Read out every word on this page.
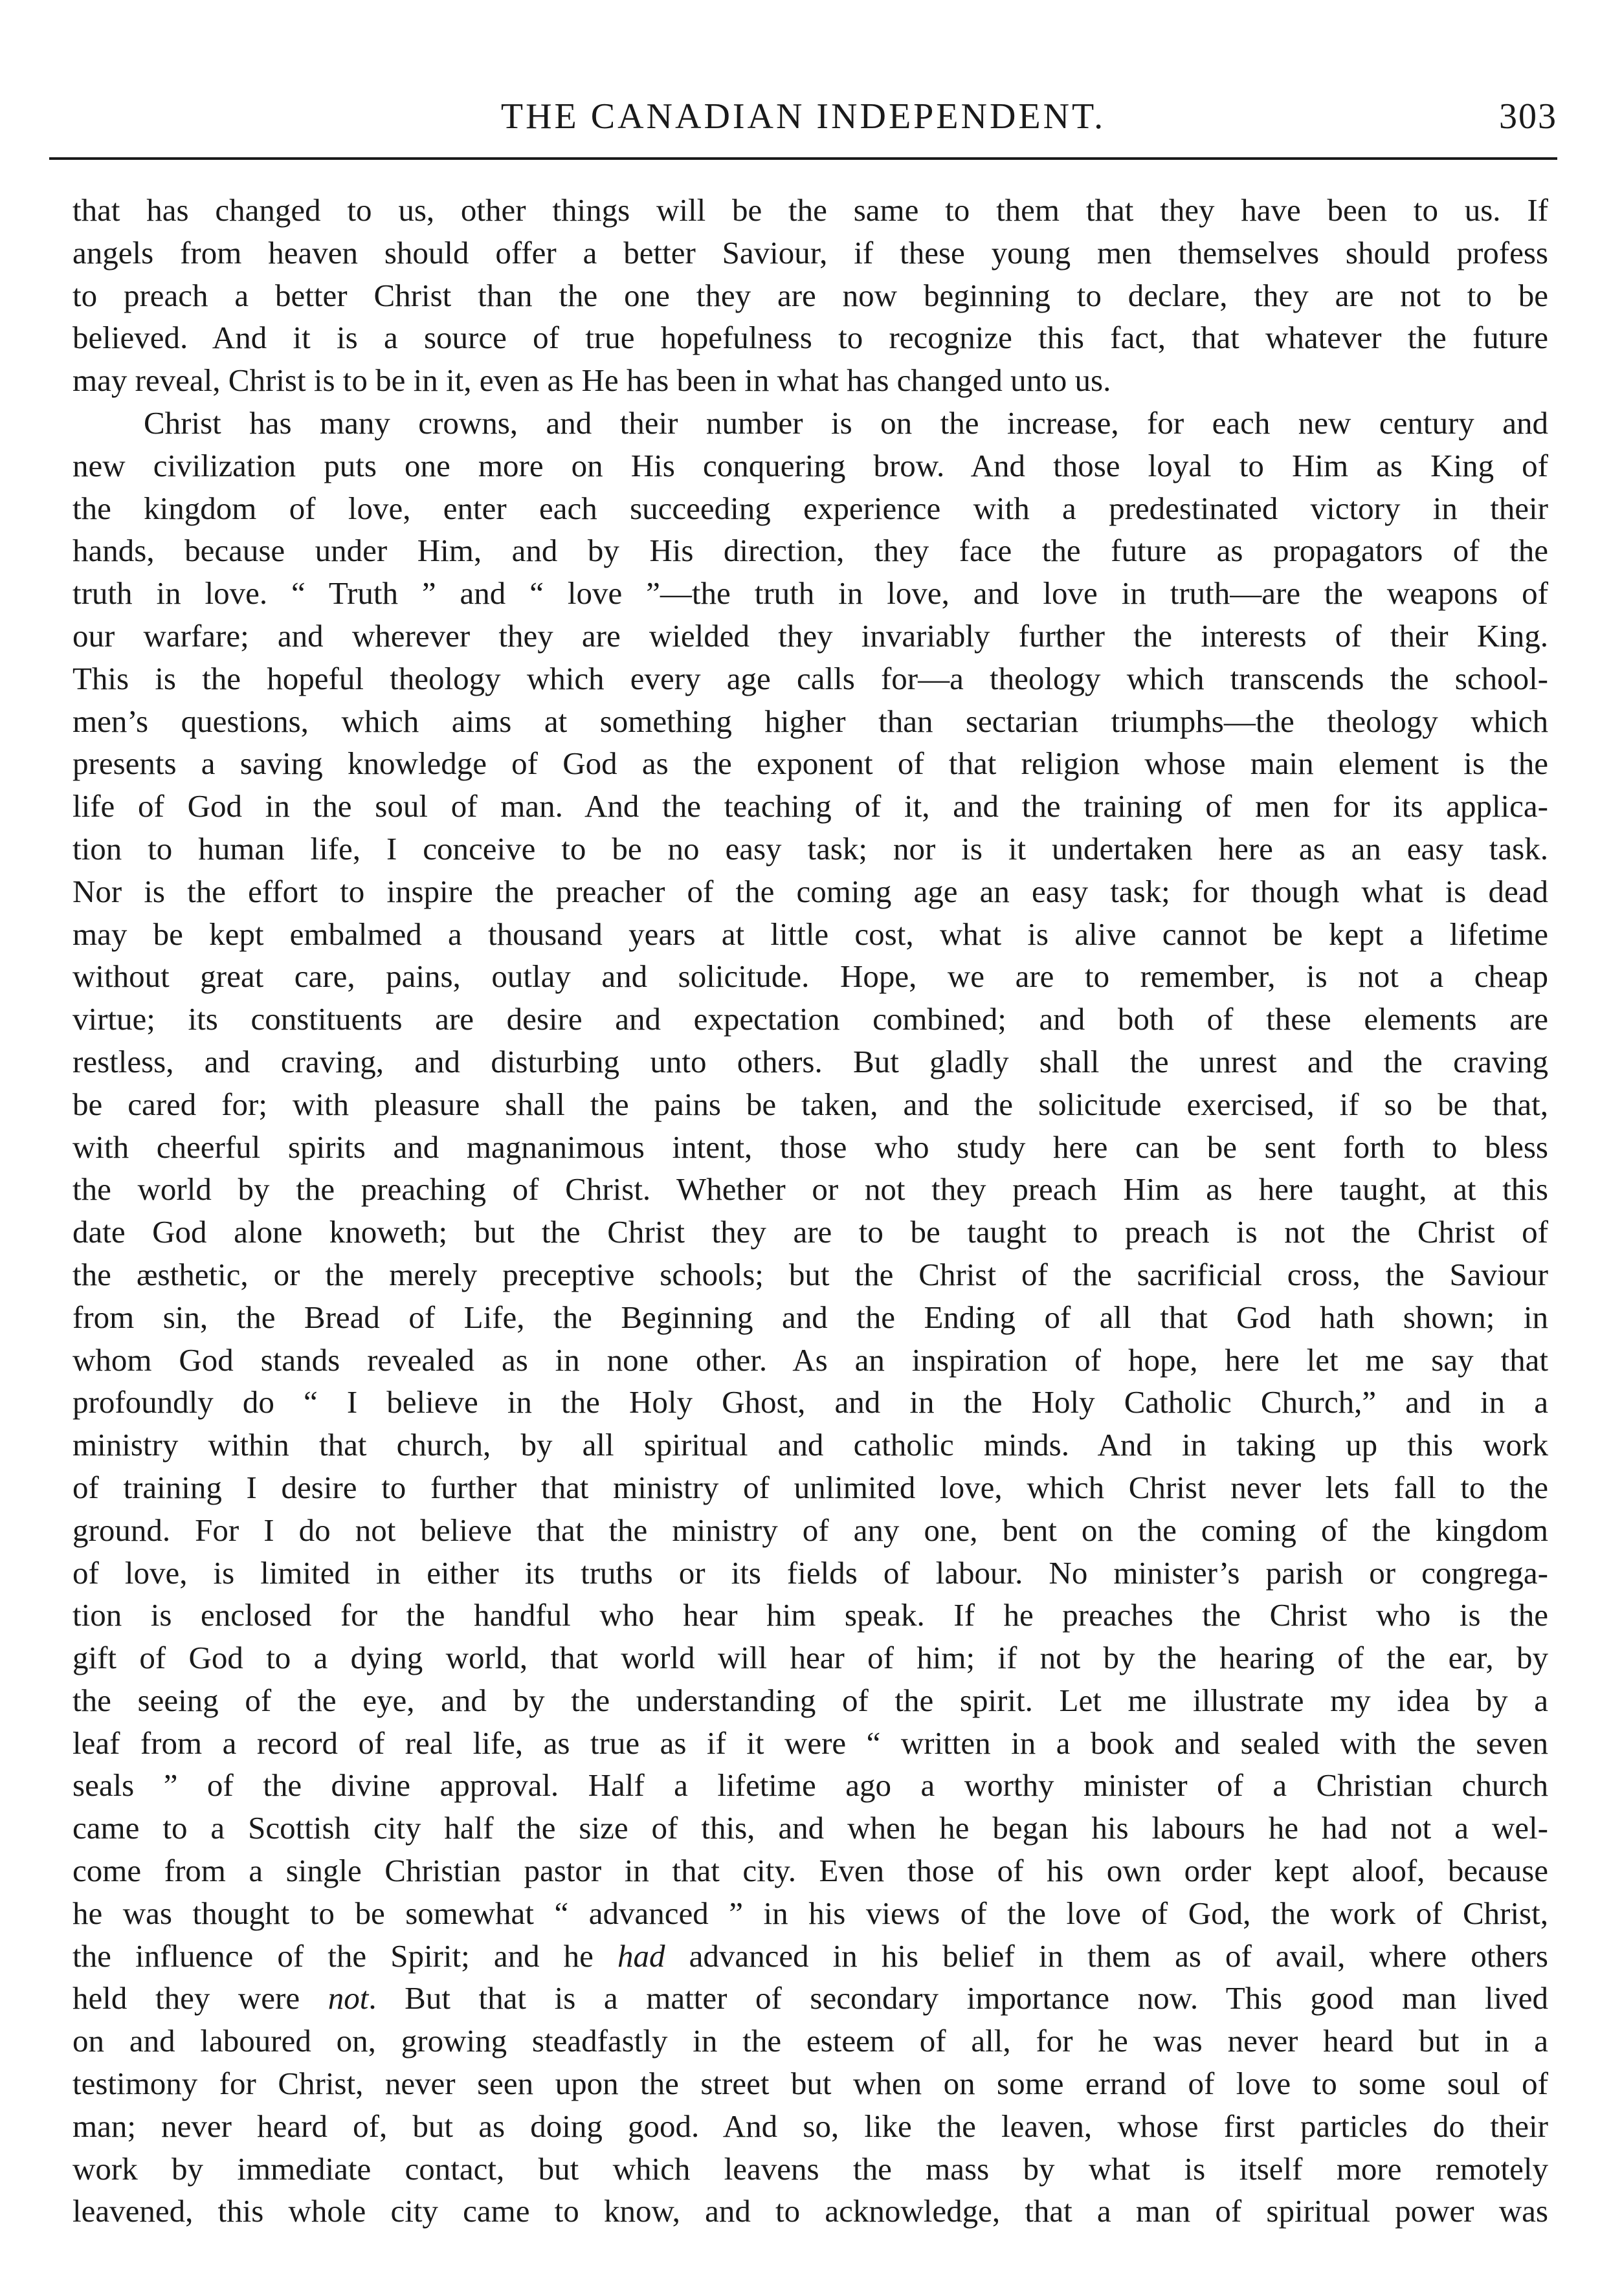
THE CANADIAN INDEPENDENT.	303
that has changed to us, other things will be the same to them that they have been to us. If
angels from heaven should offer a better Saviour, if these young men themselves should profess
to preach a better Christ than the one they are now beginning to declare, they are not to be
believed. And it is a source of true hopefulness to recognize this fact, that whatever the future
may reveal, Christ is to be in it, even as He has been in what has changed unto us.
Christ has many crowns, and their number is on the increase, for each new century and
new civilization puts one more on His conquering brow. And those loyal to Him as King of
the kingdom of love, enter each succeeding experience with a predestinated victory in their
hands, because under Him, and by His direction, they face the future as propagators of the
truth in love. “ Truth ” and “ love ”—the truth in love, and love in truth—are the weapons of
our warfare; and wherever they are wielded they invariably further the interests of their King.
This is the hopeful theology which every age calls for—a theology which transcends the school-
men’s questions, which aims at something higher than sectarian triumphs—the theology which
presents a saving knowledge of God as the exponent of that religion whose main element is the
life of God in the soul of man. And the teaching of it, and the training of men for its applica-
tion to human life, I conceive to be no easy task; nor is it undertaken here as an easy task.
Nor is the effort to inspire the preacher of the coming age an easy task; for though what is dead
may be kept embalmed a thousand years at little cost, what is alive cannot be kept a lifetime
without great care, pains, outlay and solicitude. Hope, we are to remember, is not a cheap
virtue; its constituents are desire and expectation combined; and both of these elements are
restless, and craving, and disturbing unto others. But gladly shall the unrest and the craving
be cared for; with pleasure shall the pains be taken, and the solicitude exercised, if so be that,
with cheerful spirits and magnanimous intent, those who study here can be sent forth to bless
the world by the preaching of Christ. Whether or not they preach Him as here taught, at this
date God alone knoweth; but the Christ they are to be taught to preach is not the Christ of
the æsthetic, or the merely preceptive schools; but the Christ of the sacrificial cross, the Saviour
from sin, the Bread of Life, the Beginning and the Ending of all that God hath shown; in
whom God stands revealed as in none other. As an inspiration of hope, here let me say that
profoundly do “ I believe in the Holy Ghost, and in the Holy Catholic Church,” and in a
ministry within that church, by all spiritual and catholic minds. And in taking up this work
of training I desire to further that ministry of unlimited love, which Christ never lets fall to the
ground. For I do not believe that the ministry of any one, bent on the coming of the kingdom
of love, is limited in either its truths or its fields of labour. No minister’s parish or congrega-
tion is enclosed for the handful who hear him speak. If he preaches the Christ who is the
gift of God to a dying world, that world will hear of him; if not by the hearing of the ear, by
the seeing of the eye, and by the understanding of the spirit. Let me illustrate my idea by a
leaf from a record of real life, as true as if it were “ written in a book and sealed with the seven
seals ” of the divine approval. Half a lifetime ago a worthy minister of a Christian church
came to a Scottish city half the size of this, and when he began his labours he had not a wel-
come from a single Christian pastor in that city. Even those of his own order kept aloof, because
he was thought to be somewhat “ advanced ” in his views of the love of God, the work of Christ,
the influence of the Spirit; and he had advanced in his belief in them as of avail, where others
held they were not. But that is a matter of secondary importance now. This good man lived
on and laboured on, growing steadfastly in the esteem of all, for he was never heard but in a
testimony for Christ, never seen upon the street but when on some errand of love to some soul of
man; never heard of, but as doing good. And so, like the leaven, whose first particles do their
work by immediate contact, but which leavens the mass by what is itself more remotely
leavened, this whole city came to know, and to acknowledge, that a man of spiritual power was
